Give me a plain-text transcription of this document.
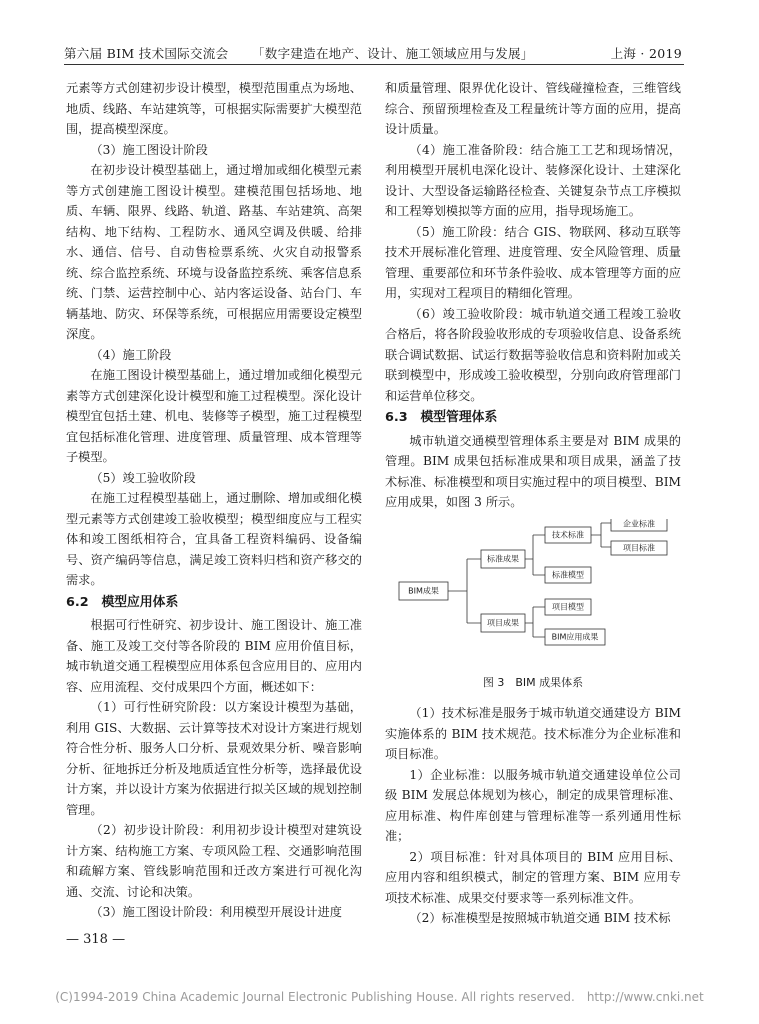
第六届 BIM 技术国际交流会 「数字建造在地产、设计、施工领域应用与发展」	上海 · 2019

元素等方式创建初步设计模型，模型范围重点为场地、地质、线路、车站建筑等，可根据实际需要扩大模型范围，提高模型深度。

（3）施工图设计阶段

在初步设计模型基础上，通过增加或细化模型元素等方式创建施工图设计模型。建模范围包括场地、地质、车辆、限界、线路、轨道、路基、车站建筑、高架结构、地下结构、工程防水、通风空调及供暖、给排水、通信、信号、自动售检票系统、火灾自动报警系统、综合监控系统、环境与设备监控系统、乘客信息系统、门禁、运营控制中心、站内客运设备、站台门、车辆基地、防灾、环保等系统，可根据应用需要设定模型深度。

（4）施工阶段

在施工图设计模型基础上，通过增加或细化模型元素等方式创建深化设计模型和施工过程模型。深化设计模型宜包括土建、机电、装修等子模型，施工过程模型宜包括标准化管理、进度管理、质量管理、成本管理等子模型。

（5）竣工验收阶段

在施工过程模型基础上，通过删除、增加或细化模型元素等方式创建竣工验收模型；模型细度应与工程实体和竣工图纸相符合，宜具备工程资料编码、设备编号、资产编码等信息，满足竣工资料归档和资产移交的需求。

6.2　模型应用体系

根据可行性研究、初步设计、施工图设计、施工准备、施工及竣工交付等各阶段的 BIM 应用价值目标，城市轨道交通工程模型应用体系包含应用目的、应用内容、应用流程、交付成果四个方面，概述如下：

（1）可行性研究阶段：以方案设计模型为基础，利用 GIS、大数据、云计算等技术对设计方案进行规划符合性分析、服务人口分析、景观效果分析、噪音影响分析、征地拆迁分析及地质适宜性分析等，选择最优设计方案，并以设计方案为依据进行拟关区域的规划控制管理。

（2）初步设计阶段：利用初步设计模型对建筑设计方案、结构施工方案、专项风险工程、交通影响范围和疏解方案、管线影响范围和迁改方案进行可视化沟通、交流、讨论和决策。

（3）施工图设计阶段：利用模型开展设计进度

和质量管理、限界优化设计、管线碰撞检查，三维管线综合、预留预埋检查及工程量统计等方面的应用，提高设计质量。

（4）施工准备阶段：结合施工工艺和现场情况，利用模型开展机电深化设计、装修深化设计、土建深化设计、大型设备运输路径检查、关键复杂节点工序模拟和工程筹划模拟等方面的应用，指导现场施工。

（5）施工阶段：结合 GIS、物联网、移动互联等技术开展标准化管理、进度管理、安全风险管理、质量管理、重要部位和环节条件验收、成本管理等方面的应用，实现对工程项目的精细化管理。

（6）竣工验收阶段：城市轨道交通工程竣工验收合格后，将各阶段验收形成的专项验收信息、设备系统联合调试数据、试运行数据等验收信息和资料附加或关联到模型中，形成竣工验收模型，分别向政府管理部门和运营单位移交。

6.3　模型管理体系

城市轨道交通模型管理体系主要是对 BIM 成果的管理。BIM 成果包括标准成果和项目成果，涵盖了技术标准、标准模型和项目实施过程中的项目模型、BIM 应用成果，如图 3 所示。

BIM成果
标准成果
项目成果
技术标准
标准模型
企业标准
项目标准
项目模型
BIM应用成果
图 3　BIM 成果体系

（1）技术标准是服务于城市轨道交通建设方 BIM 实施体系的 BIM 技术规范。技术标准分为企业标准和项目标准。

1）企业标准：以服务城市轨道交通建设单位公司级 BIM 发展总体规划为核心，制定的成果管理标准、应用标准、构件库创建与管理标准等一系列通用性标准；

2）项目标准：针对具体项目的 BIM 应用目标、应用内容和组织模式，制定的管理方案、BIM 应用专项技术标准、成果交付要求等一系列标准文件。

（2）标准模型是按照城市轨道交通 BIM 技术标

— 318 —
(C)1994-2019 China Academic Journal Electronic Publishing House. All rights reserved.　http://www.cnki.net
